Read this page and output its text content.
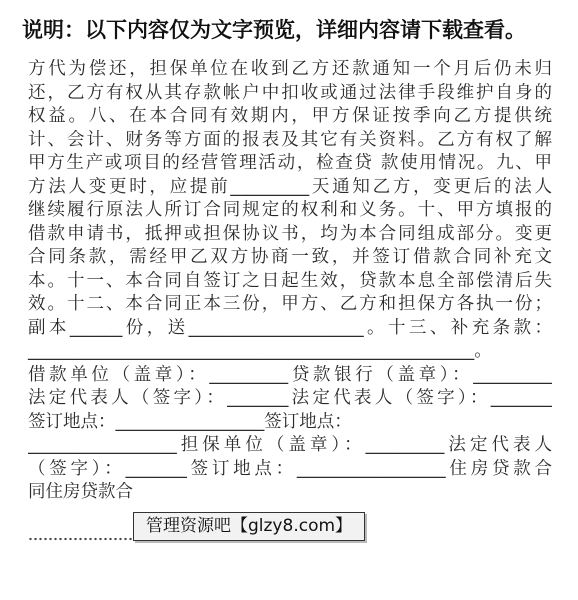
说明：以下内容仅为文字预览，详细内容请下载查看。
方代为偿还，担保单位在收到乙方还款通知一个月后仍未归
还，乙方有权从其存款帐户中扣收或通过法律手段维护自身的
权益。八、在本合同有效期内，甲方保证按季向乙方提供统
计、会计、财务等方面的报表及其它有关资料。乙方有权了解
甲方生产或项目的经营管理活动，检查贷 款使用情况。九、甲
方法人变更时，应提前_________天通知乙方，变更后的法人
继续履行原法人所订合同规定的权利和义务。十、甲方填报的
借款申请书，抵押或担保协议书，均为本合同组成部分。变更
合同条款，需经甲乙双方协商一致，并签订借款合同补充文
本。十一、本合同自签订之日起生效，贷款本息全部偿清后失
效。十二、本合同正本三份，甲方、乙方和担保方各执一份；
副本______份，送____________________。十三、补充条款：
___________________________________________________。
借款单位（盖章）：_________贷款银行（盖章）：_________
法定代表人（签字）：_______法定代表人（签字）：_______
签订地点：_________________签订地点：
_________________担保单位（盖章）：_________法定代表人
（签字）：_______签订地点：_________________住房贷款合
同住房贷款合
管理资源吧【glzy8.com】
